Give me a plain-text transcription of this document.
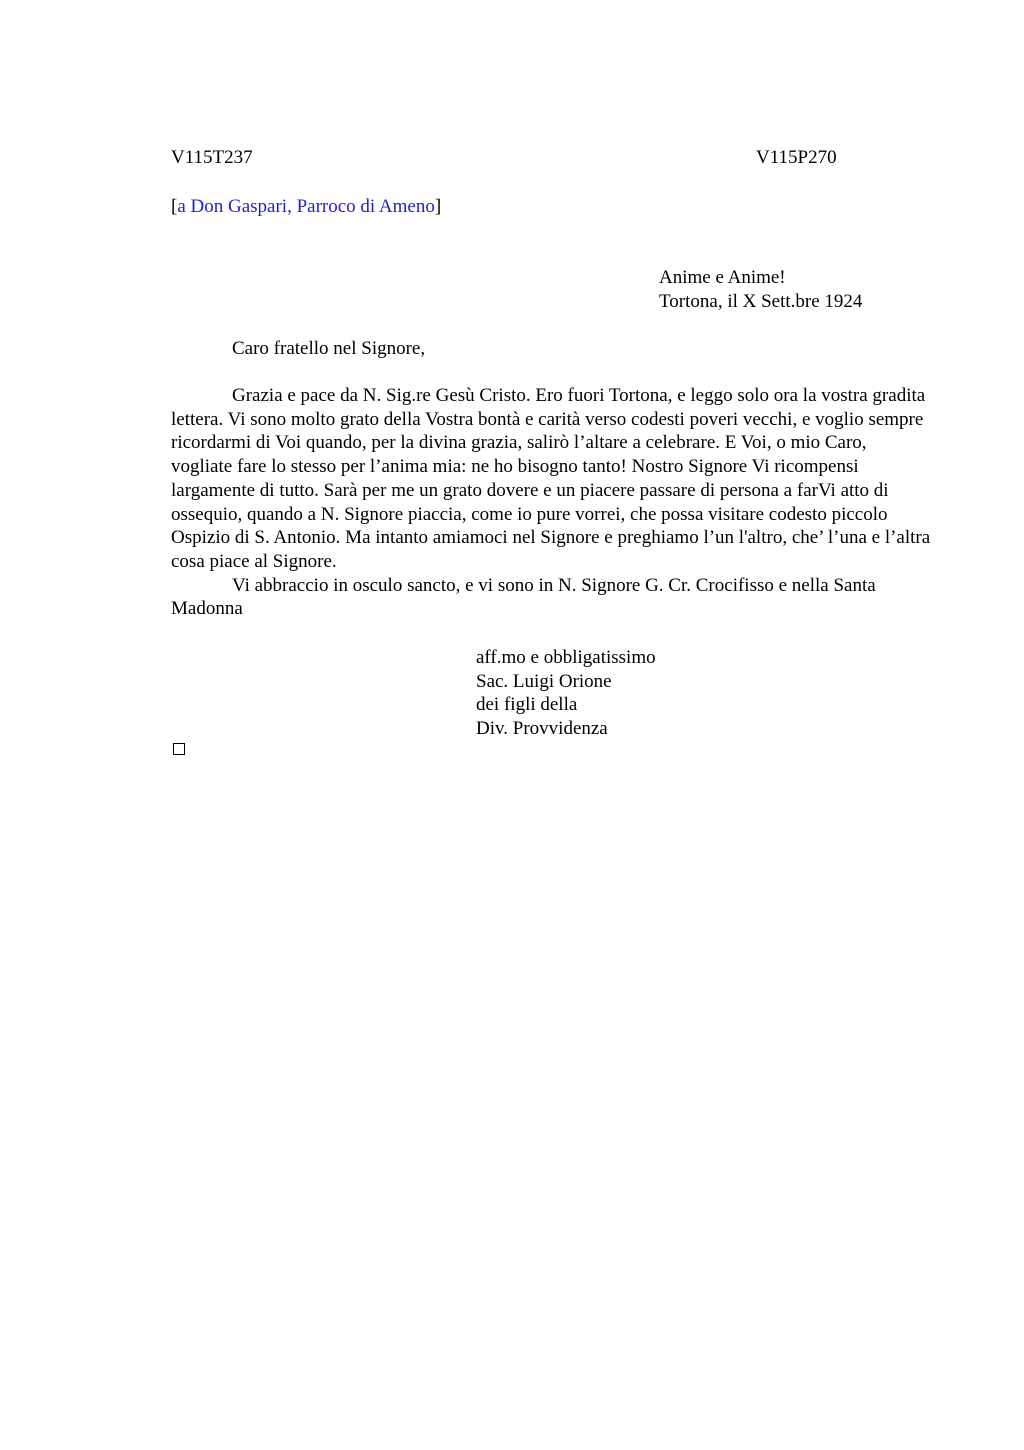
V115T237	V115P270
[a Don Gaspari, Parroco di Ameno]
Anime e Anime!
Tortona, il X Sett.bre 1924
Caro fratello nel Signore,

Grazia e pace da N. Sig.re Gesù Cristo. Ero fuori Tortona, e leggo solo ora la vostra gradita lettera. Vi sono molto grato della Vostra bontà e carità verso codesti poveri vecchi, e voglio sempre ricordarmi di Voi quando, per la divina grazia, salirò l’altare a celebrare. E Voi, o mio Caro, vogliate fare lo stesso per l’anima mia: ne ho bisogno tanto! Nostro Signore Vi ricompensi largamente di tutto. Sarà per me un grato dovere e un piacere passare di persona a farVi atto di ossequio, quando a N. Signore piaccia, come io pure vorrei, che possa visitare codesto piccolo Ospizio di S. Antonio. Ma intanto amiamoci nel Signore e preghiamo l’un l'altro, che’ l’una e l’altra cosa piace al Signore.

Vi abbraccio in osculo sancto, e vi sono in N. Signore G. Cr. Crocifisso e nella Santa Madonna

aff.mo e obbligatissimo
Sac. Luigi Orione
dei figli della
Div. Provvidenza
